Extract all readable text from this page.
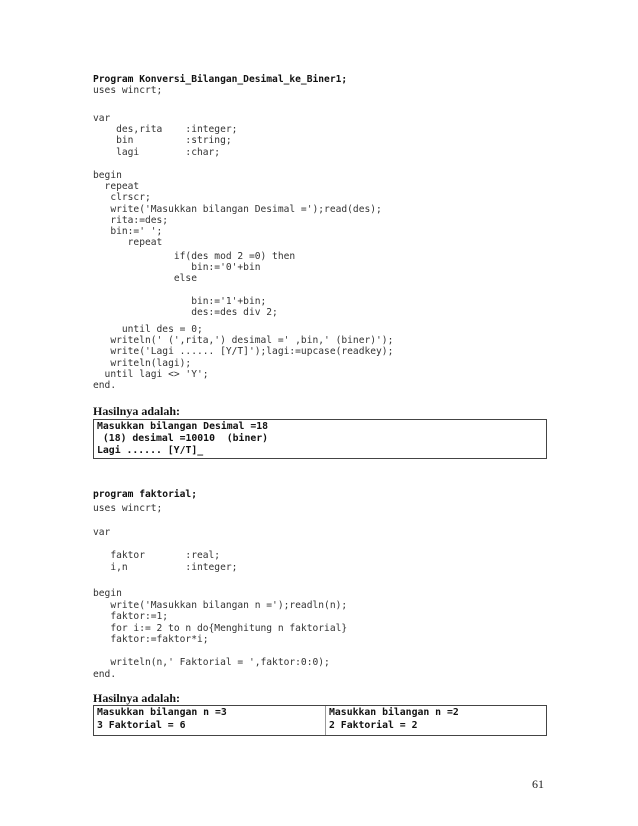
Program Konversi_Bilangan_Desimal_ke_Biner1;
uses wincrt;
var
des,rita    :integer;
bin         :string;
lagi        :char;
begin
repeat
clrscr;
write('Masukkan bilangan Desimal =');read(des);
rita:=des;
bin:=' ';
repeat
if(des mod 2 =0) then
bin:='0'+bin
else
bin:='1'+bin;
des:=des div 2;
until des = 0;
writeln(' (',rita,') desimal =' ,bin,' (biner)');
write('Lagi ...... [Y/T]');lagi:=upcase(readkey);
writeln(lagi);
until lagi <> 'Y';
end.
Hasilnya adalah:
Masukkan bilangan Desimal =18
(18) desimal =10010  (biner)
Lagi ...... [Y/T]_
program faktorial;
uses wincrt;
var
faktor       :real;
i,n          :integer;
begin
write('Masukkan bilangan n =');readln(n);
faktor:=1;
for i:= 2 to n do{Menghitung n faktorial}
faktor:=faktor*i;
writeln(n,' Faktorial = ',faktor:0:0);
end.
Hasilnya adalah:
Masukkan bilangan n =3
3 Faktorial = 6
Masukkan bilangan n =2
2 Faktorial = 2
61
